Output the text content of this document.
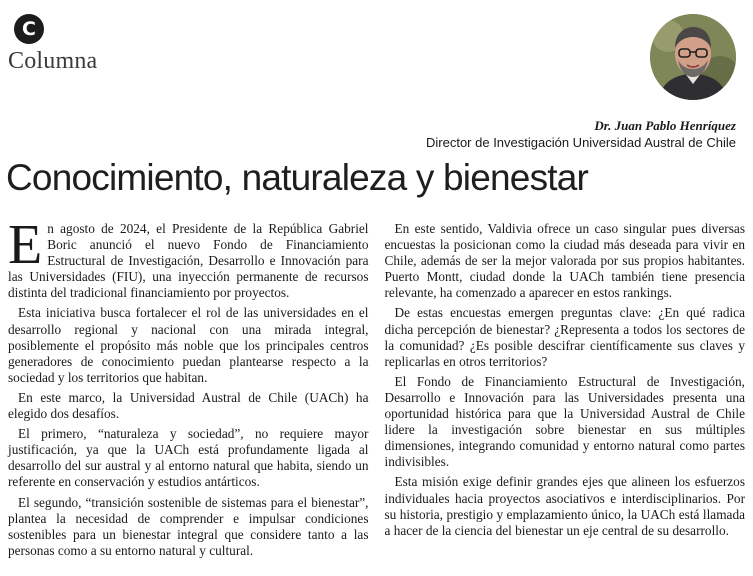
C
Columna
Dr. Juan Pablo Henríquez
Director de Investigación Universidad Austral de Chile
Conocimiento, naturaleza y bienestar

En agosto de 2024, el Presidente de la República Gabriel Boric anunció el nuevo Fondo de Financiamiento Estructural de Investigación, Desarrollo e Innovación para las Universidades (FIU), una inyección permanente de recursos distinta del tradicional financiamiento por proyectos.

Esta iniciativa busca fortalecer el rol de las universidades en el desarrollo regional y nacional con una mirada integral, posiblemente el propósito más noble que los principales centros generadores de conocimiento puedan plantearse respecto a la sociedad y los territorios que habitan.

En este marco, la Universidad Austral de Chile (UACh) ha elegido dos desafíos.

El primero, “naturaleza y sociedad”, no requiere mayor justificación, ya que la UACh está profundamente ligada al desarrollo del sur austral y al entorno natural que habita, siendo un referente en conservación y estudios antárticos.

El segundo, “transición sostenible de sistemas para el bienestar”, plantea la necesidad de comprender e impulsar condiciones sostenibles para un bienestar integral que considere tanto a las personas como a su entorno natural y cultural.

En este sentido, Valdivia ofrece un caso singular pues diversas encuestas la posicionan como la ciudad más deseada para vivir en Chile, además de ser la mejor valorada por sus propios habitantes. Puerto Montt, ciudad donde la UACh también tiene presencia relevante, ha comenzado a aparecer en estos rankings.

De estas encuestas emergen preguntas clave: ¿En qué radica dicha percepción de bienestar? ¿Representa a todos los sectores de la comunidad? ¿Es posible descifrar científicamente sus claves y replicarlas en otros territorios?

El Fondo de Financiamiento Estructural de Investigación, Desarrollo e Innovación para las Universidades presenta una oportunidad histórica para que la Universidad Austral de Chile lidere la investigación sobre bienestar en sus múltiples dimensiones, integrando comunidad y entorno natural como partes indivisibles.

Esta misión exige definir grandes ejes que alineen los esfuerzos individuales hacia proyectos asociativos e interdisciplinarios. Por su historia, prestigio y emplazamiento único, la UACh está llamada a hacer de la ciencia del bienestar un eje central de su desarrollo.
